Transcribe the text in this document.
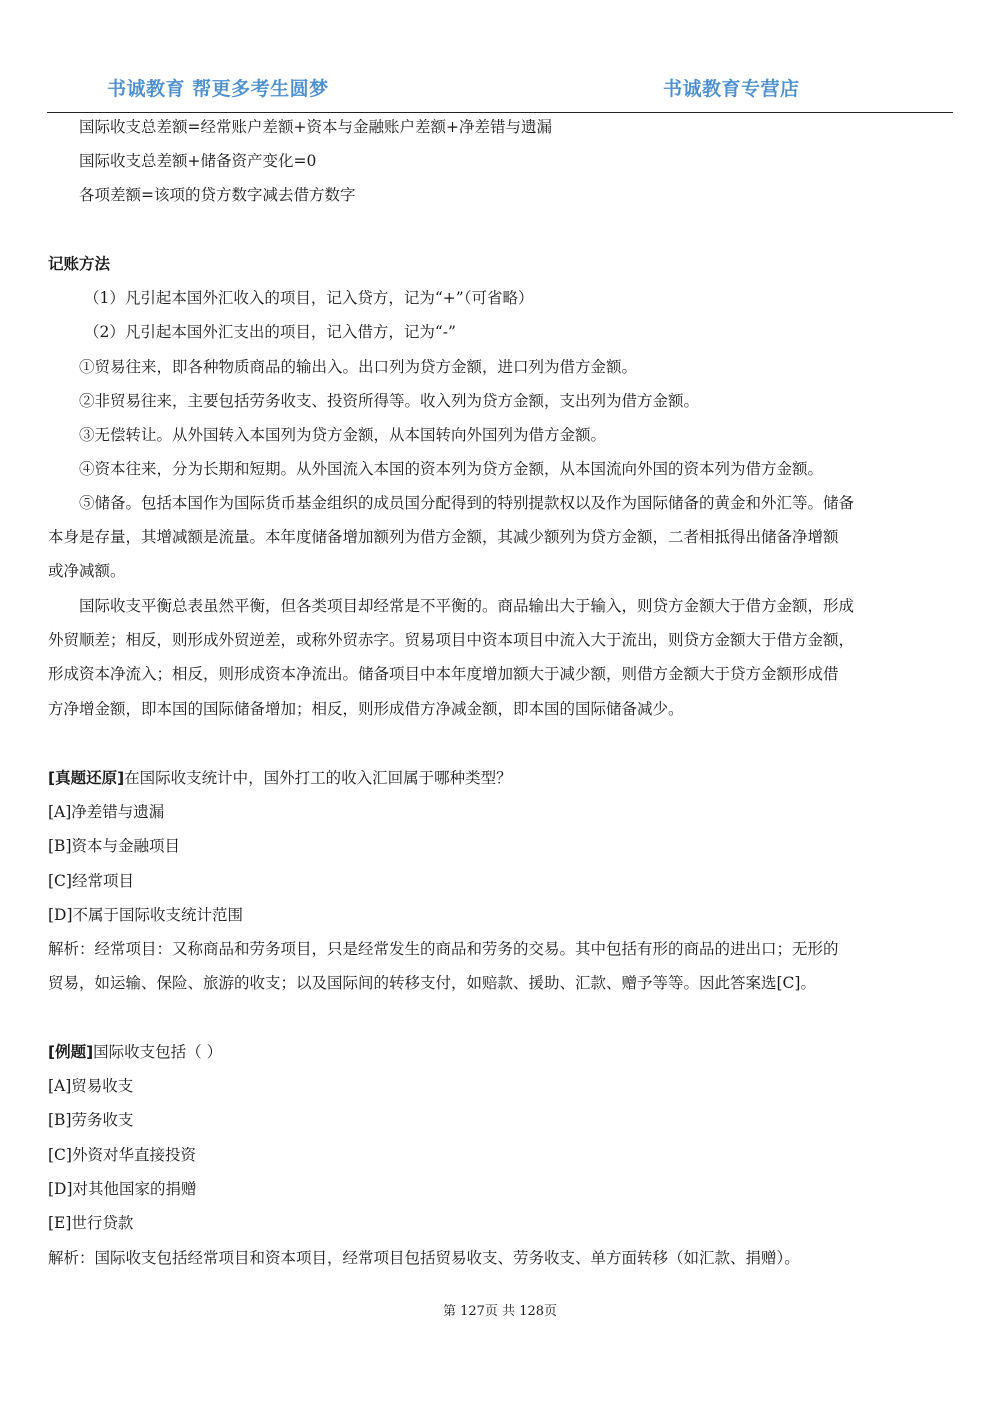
书诚教育 帮更多考生圆梦	书诚教育专营店
国际收支总差额=经常账户差额+资本与金融账户差额+净差错与遗漏
国际收支总差额+储备资产变化=0
各项差额=该项的贷方数字减去借方数字
记账方法
（1）凡引起本国外汇收入的项目，记入贷方，记为“+”（可省略）
（2）凡引起本国外汇支出的项目，记入借方，记为“-”
①贸易往来，即各种物质商品的输出入。出口列为贷方金额，进口列为借方金额。
②非贸易往来，主要包括劳务收支、投资所得等。收入列为贷方金额，支出列为借方金额。
③无偿转让。从外国转入本国列为贷方金额，从本国转向外国列为借方金额。
④资本往来，分为长期和短期。从外国流入本国的资本列为贷方金额，从本国流向外国的资本列为借方金额。
⑤储备。包括本国作为国际货币基金组织的成员国分配得到的特别提款权以及作为国际储备的黄金和外汇等。储备
本身是存量，其增减额是流量。本年度储备增加额列为借方金额，其减少额列为贷方金额，二者相抵得出储备净增额
或净减额。
国际收支平衡总表虽然平衡，但各类项目却经常是不平衡的。商品输出大于输入，则贷方金额大于借方金额，形成
外贸顺差；相反，则形成外贸逆差，或称外贸赤字。贸易项目中资本项目中流入大于流出，则贷方金额大于借方金额，
形成资本净流入；相反，则形成资本净流出。储备项目中本年度增加额大于减少额，则借方金额大于贷方金额形成借
方净增金额，即本国的国际储备增加；相反，则形成借方净减金额，即本国的国际储备减少。
[真题还原]在国际收支统计中，国外打工的收入汇回属于哪种类型？
[A]净差错与遗漏
[B]资本与金融项目
[C]经常项目
[D]不属于国际收支统计范围
解析：经常项目：又称商品和劳务项目，只是经常发生的商品和劳务的交易。其中包括有形的商品的进出口；无形的
贸易，如运输、保险、旅游的收支；以及国际间的转移支付，如赔款、援助、汇款、赠予等等。因此答案选[C]。
[例题]国际收支包括（ ）
[A]贸易收支
[B]劳务收支
[C]外资对华直接投资
[D]对其他国家的捐赠
[E]世行贷款
解析：国际收支包括经常项目和资本项目，经常项目包括贸易收支、劳务收支、单方面转移（如汇款、捐赠）。
第 127页 共 128页
